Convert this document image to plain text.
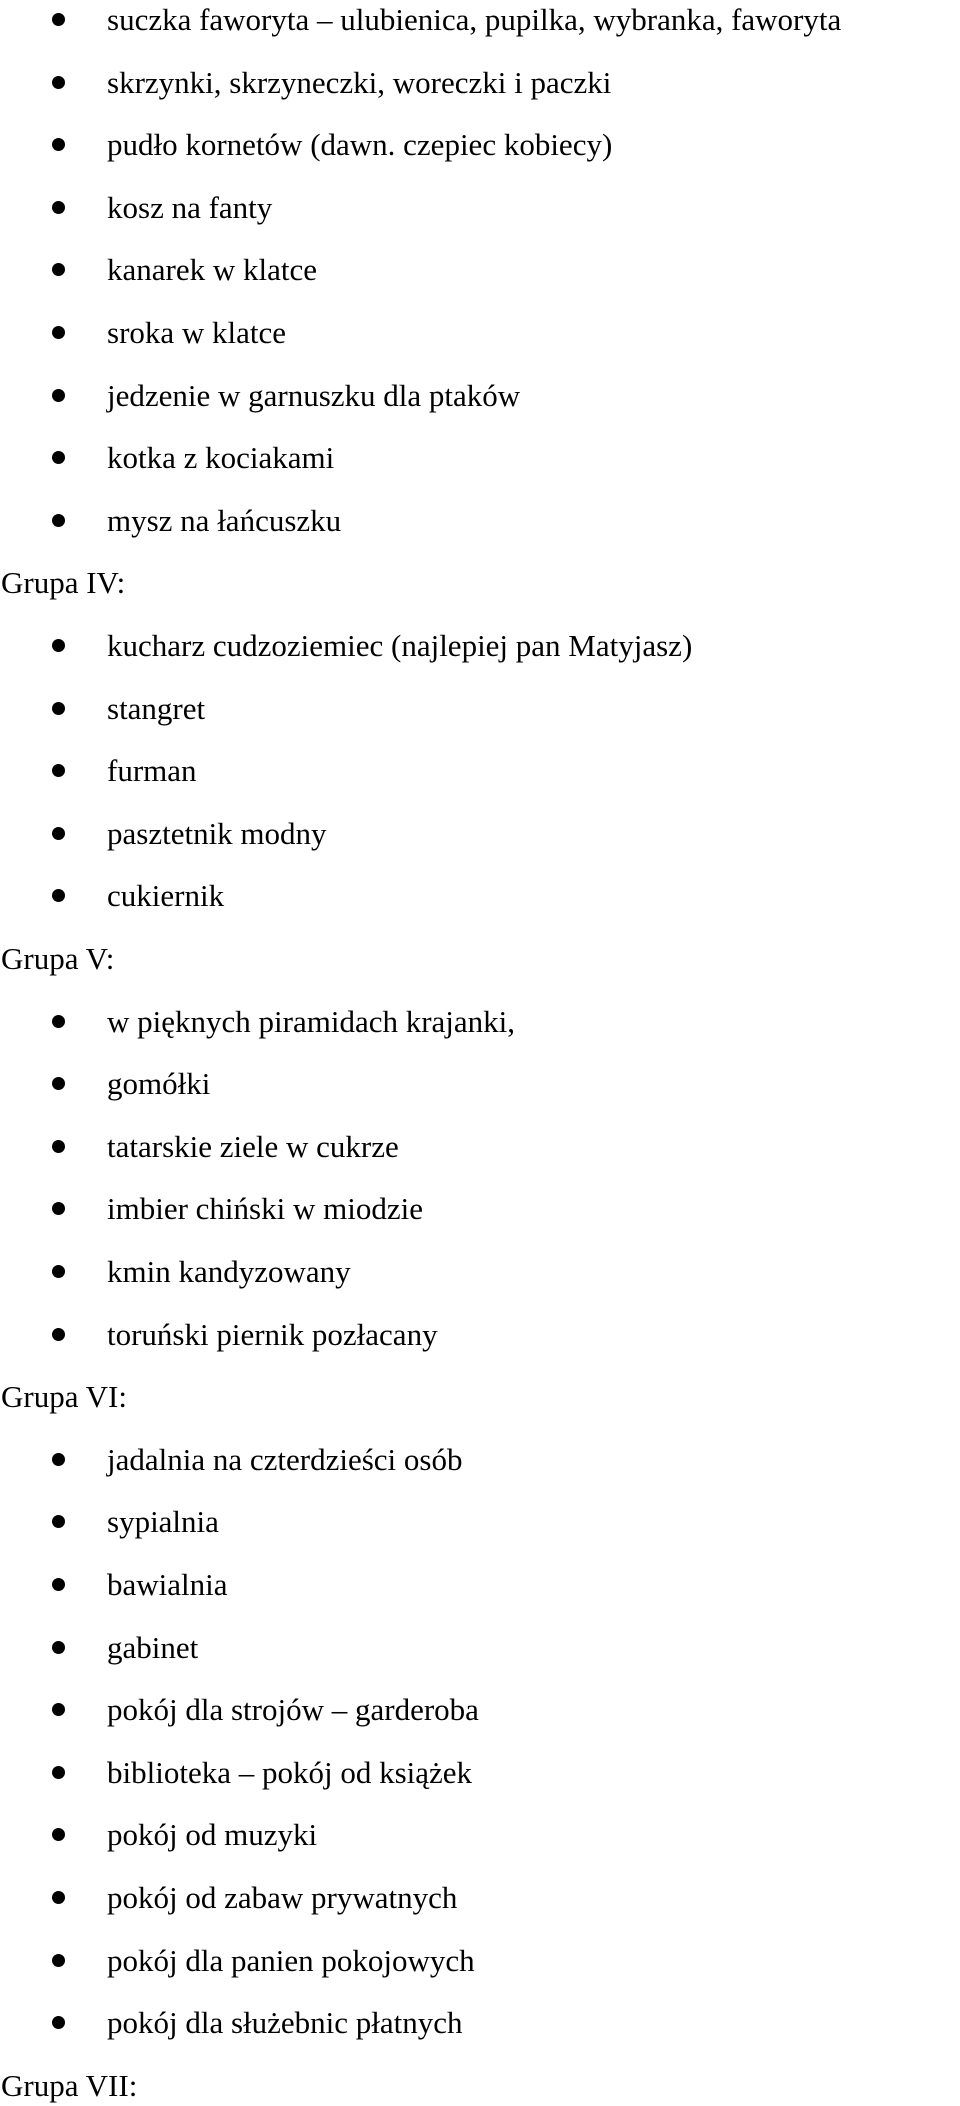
suczka faworyta – ulubienica, pupilka, wybranka, faworyta
skrzynki, skrzyneczki, woreczki i paczki
pudło kornetów (dawn. czepiec kobiecy)
kosz na fanty
kanarek w klatce
sroka w klatce
jedzenie w garnuszku dla ptaków
kotka z kociakami
mysz na łańcuszku
Grupa IV:
kucharz cudzoziemiec (najlepiej pan Matyjasz)
stangret
furman
pasztetnik modny
cukiernik
Grupa V:
w pięknych piramidach krajanki,
gomółki
tatarskie ziele w cukrze
imbier chiński w miodzie
kmin kandyzowany
toruński piernik pozłacany
Grupa VI:
jadalnia na czterdzieści osób
sypialnia
bawialnia
gabinet
pokój dla strojów – garderoba
biblioteka – pokój od książek
pokój od muzyki
pokój od zabaw prywatnych
pokój dla panien pokojowych
pokój dla służebnic płatnych
Grupa VII:
